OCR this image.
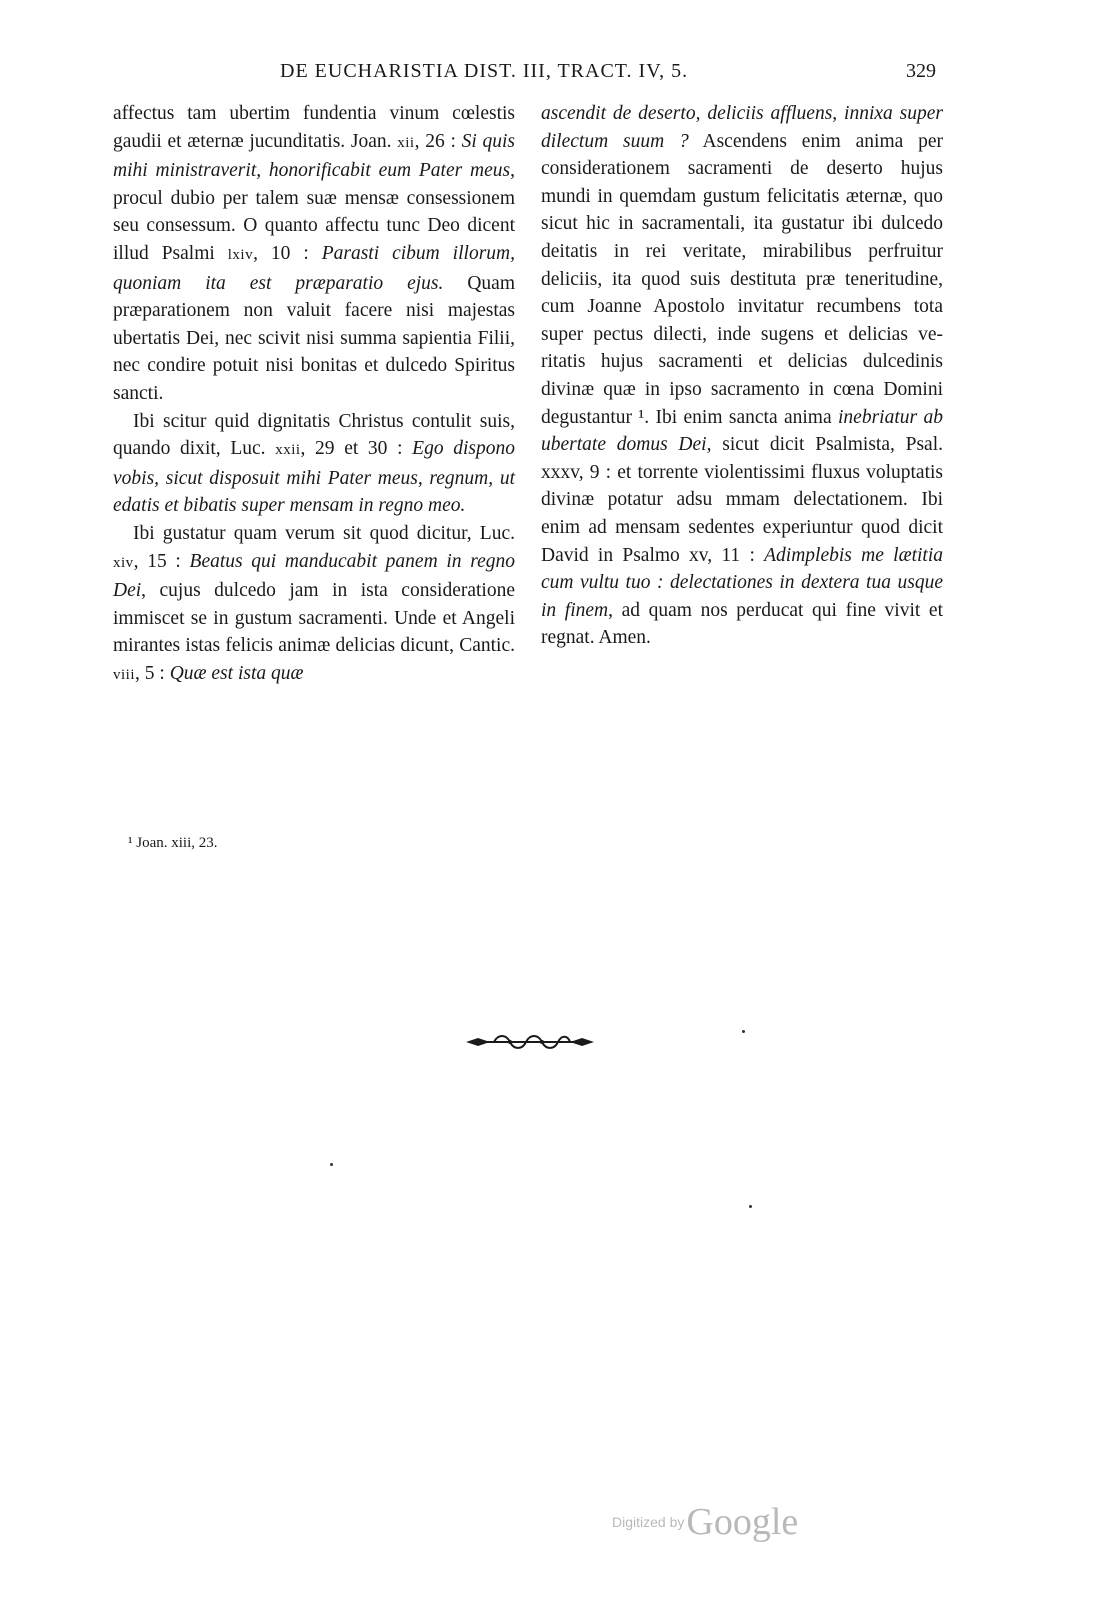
DE EUCHARISTIA DIST. III, TRACT. IV, 5.	329

affectus tam ubertim fundentia vinum cœlestis gaudii et æternæ jucunditatis. Joan. xii, 26 : Si quis mihi ministraverit, honorificabit eum Pater meus, procul dubio per talem suæ mensæ consessionem seu consessum. O quanto affectu tunc Deo dicent illud Psalmi lxiv, 10 : Parasti cibum illorum, quoniam ita est præparatio ejus. Quam præparationem non valuit facere nisi majestas ubertatis Dei, nec scivit nisi summa sapientia Filii, nec condire potuit nisi bonitas et dulcedo Spiritus sancti.

Ibi scitur quid dignitatis Christus contulit suis, quando dixit, Luc. xxii, 29 et 30 : Ego dispono vobis, sicut disposuit mihi Pater meus, regnum, ut edatis et bibatis super mensam in regno meo.

Ibi gustatur quam verum sit quod dicitur, Luc. xiv, 15 : Beatus qui manducabit panem in regno Dei, cujus dulcedo jam in ista consideratione immiscet se in gustum sacramenti. Unde et Angeli mirantes istas felicis animæ delicias dicunt, Cantic. viii, 5 : Quæ est ista quæ

ascendit de deserto, deliciis affluens, innixa super dilectum suum ? Ascendens enim anima per considerationem sacramenti de deserto hujus mundi in quemdam gustum felicitatis æternæ, quo sicut hic in sacramentali, ita gustatur ibi dulcedo deitatis in rei veritate, mirabilibus perfruitur deliciis, ita quod suis destituta præ teneritudine, cum Joanne Apostolo invitatur recumbens tota super pectus dilecti, inde sugens et delicias veritatis hujus sacramenti et delicias dulcedinis divinæ quæ in ipso sacramento in cœna Domini degustantur ¹. Ibi enim sancta anima inebriatur ab ubertate domus Dei, sicut dicit Psalmista, Psal. xxxv, 9 : et torrente violentissimi fluxus voluptatis divinæ potatur adsu mmam delectationem. Ibi enim ad mensam sedentes experiuntur quod dicit David in Psalmo xv, 11 : Adimplebis me lætitia cum vultu tuo : delectationes in dextera tua usque in finem, ad quam nos perducat qui fine vivit et regnat. Amen.

¹ Joan. xiii, 23.
Digitized byGoogle
